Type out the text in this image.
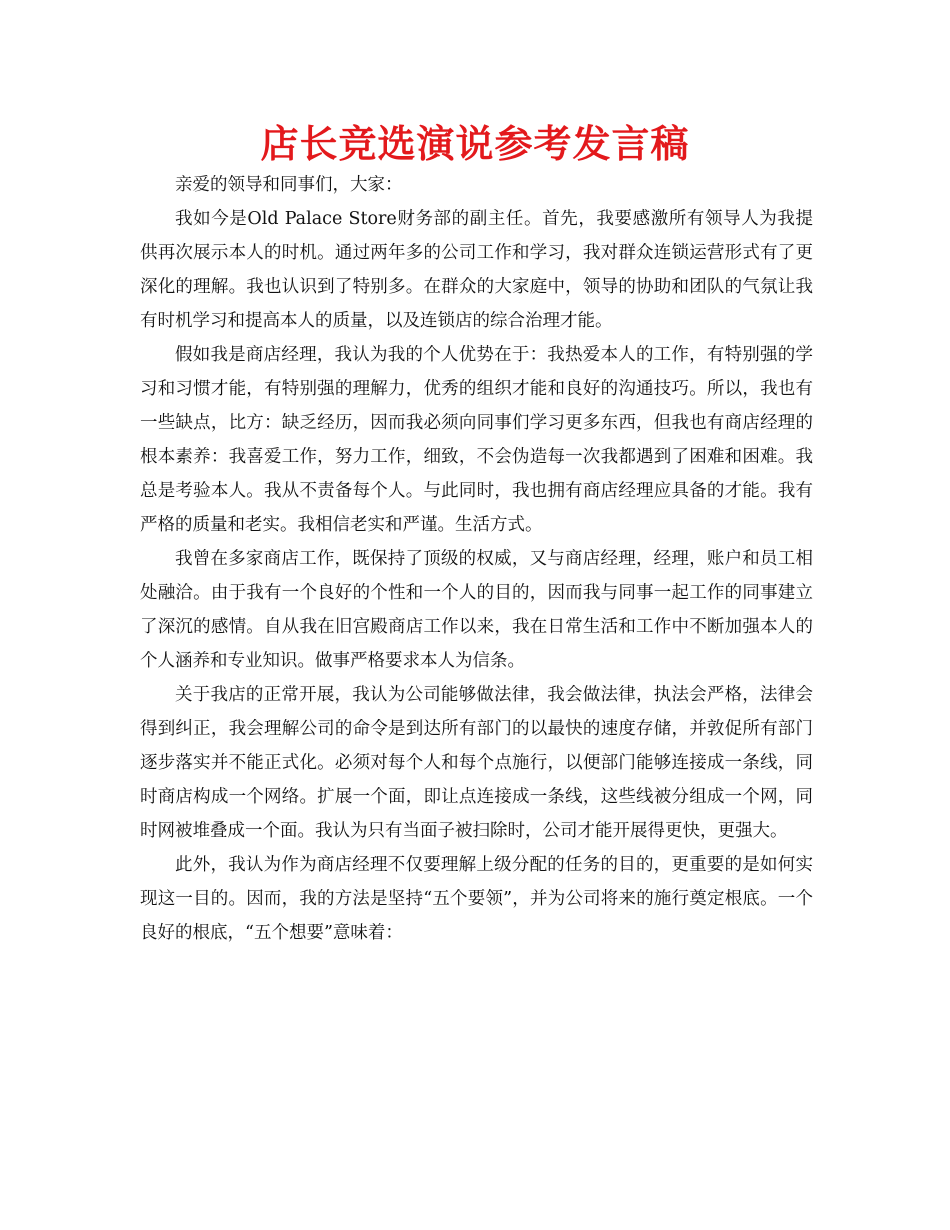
店长竞选演说参考发言稿

亲爱的领导和同事们，大家：

我如今是Old Palace Store财务部的副主任。首先，我要感激所有领导人为我提供再次展示本人的时机。通过两年多的公司工作和学习，我对群众连锁运营形式有了更深化的理解。我也认识到了特别多。在群众的大家庭中，领导的协助和团队的气氛让我有时机学习和提高本人的质量，以及连锁店的综合治理才能。

假如我是商店经理，我认为我的个人优势在于：我热爱本人的工作，有特别强的学习和习惯才能，有特别强的理解力，优秀的组织才能和良好的沟通技巧。所以，我也有一些缺点，比方：缺乏经历，因而我必须向同事们学习更多东西，但我也有商店经理的根本素养：我喜爱工作，努力工作，细致，不会伪造每一次我都遇到了困难和困难。我总是考验本人。我从不责备每个人。与此同时，我也拥有商店经理应具备的才能。我有严格的质量和老实。我相信老实和严谨。生活方式。

我曾在多家商店工作，既保持了顶级的权威，又与商店经理，经理，账户和员工相处融洽。由于我有一个良好的个性和一个人的目的，因而我与同事一起工作的同事建立了深沉的感情。自从我在旧宫殿商店工作以来，我在日常生活和工作中不断加强本人的个人涵养和专业知识。做事严格要求本人为信条。

关于我店的正常开展，我认为公司能够做法律，我会做法律，执法会严格，法律会得到纠正，我会理解公司的命令是到达所有部门的以最快的速度存储，并敦促所有部门逐步落实并不能正式化。必须对每个人和每个点施行，以便部门能够连接成一条线，同时商店构成一个网络。扩展一个面，即让点连接成一条线，这些线被分组成一个网，同时网被堆叠成一个面。我认为只有当面子被扫除时，公司才能开展得更快，更强大。

此外，我认为作为商店经理不仅要理解上级分配的任务的目的，更重要的是如何实现这一目的。因而，我的方法是坚持“五个要领”，并为公司将来的施行奠定根底。一个良好的根底，“五个想要”意味着：
